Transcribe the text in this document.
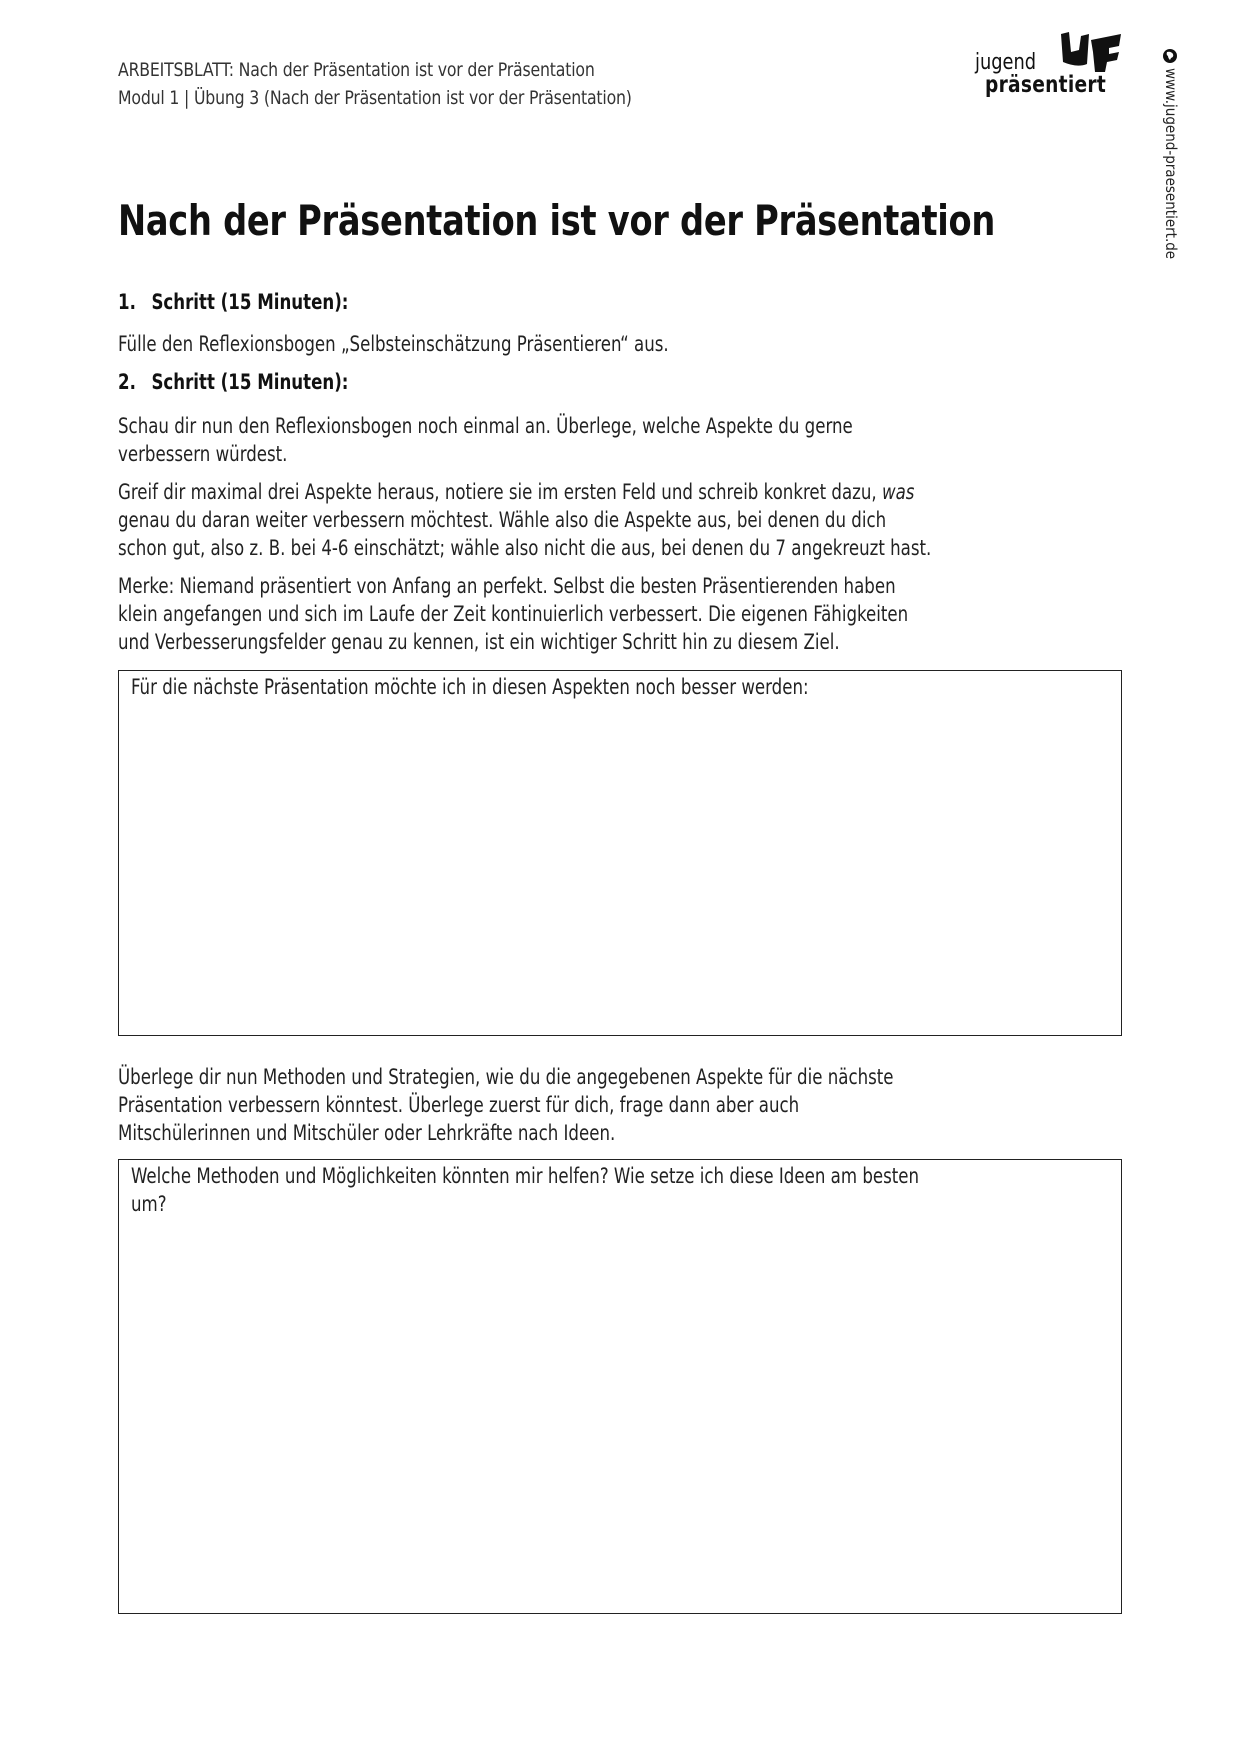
ARBEITSBLATT: Nach der Präsentation ist vor der Präsentation
Modul 1 | Übung 3 (Nach der Präsentation ist vor der Präsentation)
jugend
präsentiert	www.jugend-praesentiert.de
Nach der Präsentation ist vor der Präsentation
1. Schritt (15 Minuten):
Fülle den Reflexionsbogen „Selbsteinschätzung Präsentieren“ aus.
2. Schritt (15 Minuten):
Schau dir nun den Reflexionsbogen noch einmal an. Überlege, welche Aspekte du gerne
verbessern würdest.
Greif dir maximal drei Aspekte heraus, notiere sie im ersten Feld und schreib konkret dazu, was
genau du daran weiter verbessern möchtest. Wähle also die Aspekte aus, bei denen du dich
schon gut, also z. B. bei 4-6 einschätzt; wähle also nicht die aus, bei denen du 7 angekreuzt hast.
Merke: Niemand präsentiert von Anfang an perfekt. Selbst die besten Präsentierenden haben
klein angefangen und sich im Laufe der Zeit kontinuierlich verbessert. Die eigenen Fähigkeiten
und Verbesserungsfelder genau zu kennen, ist ein wichtiger Schritt hin zu diesem Ziel.
Für die nächste Präsentation möchte ich in diesen Aspekten noch besser werden:
Überlege dir nun Methoden und Strategien, wie du die angegebenen Aspekte für die nächste
Präsentation verbessern könntest. Überlege zuerst für dich, frage dann aber auch
Mitschülerinnen und Mitschüler oder Lehrkräfte nach Ideen.
Welche Methoden und Möglichkeiten könnten mir helfen? Wie setze ich diese Ideen am besten
um?
